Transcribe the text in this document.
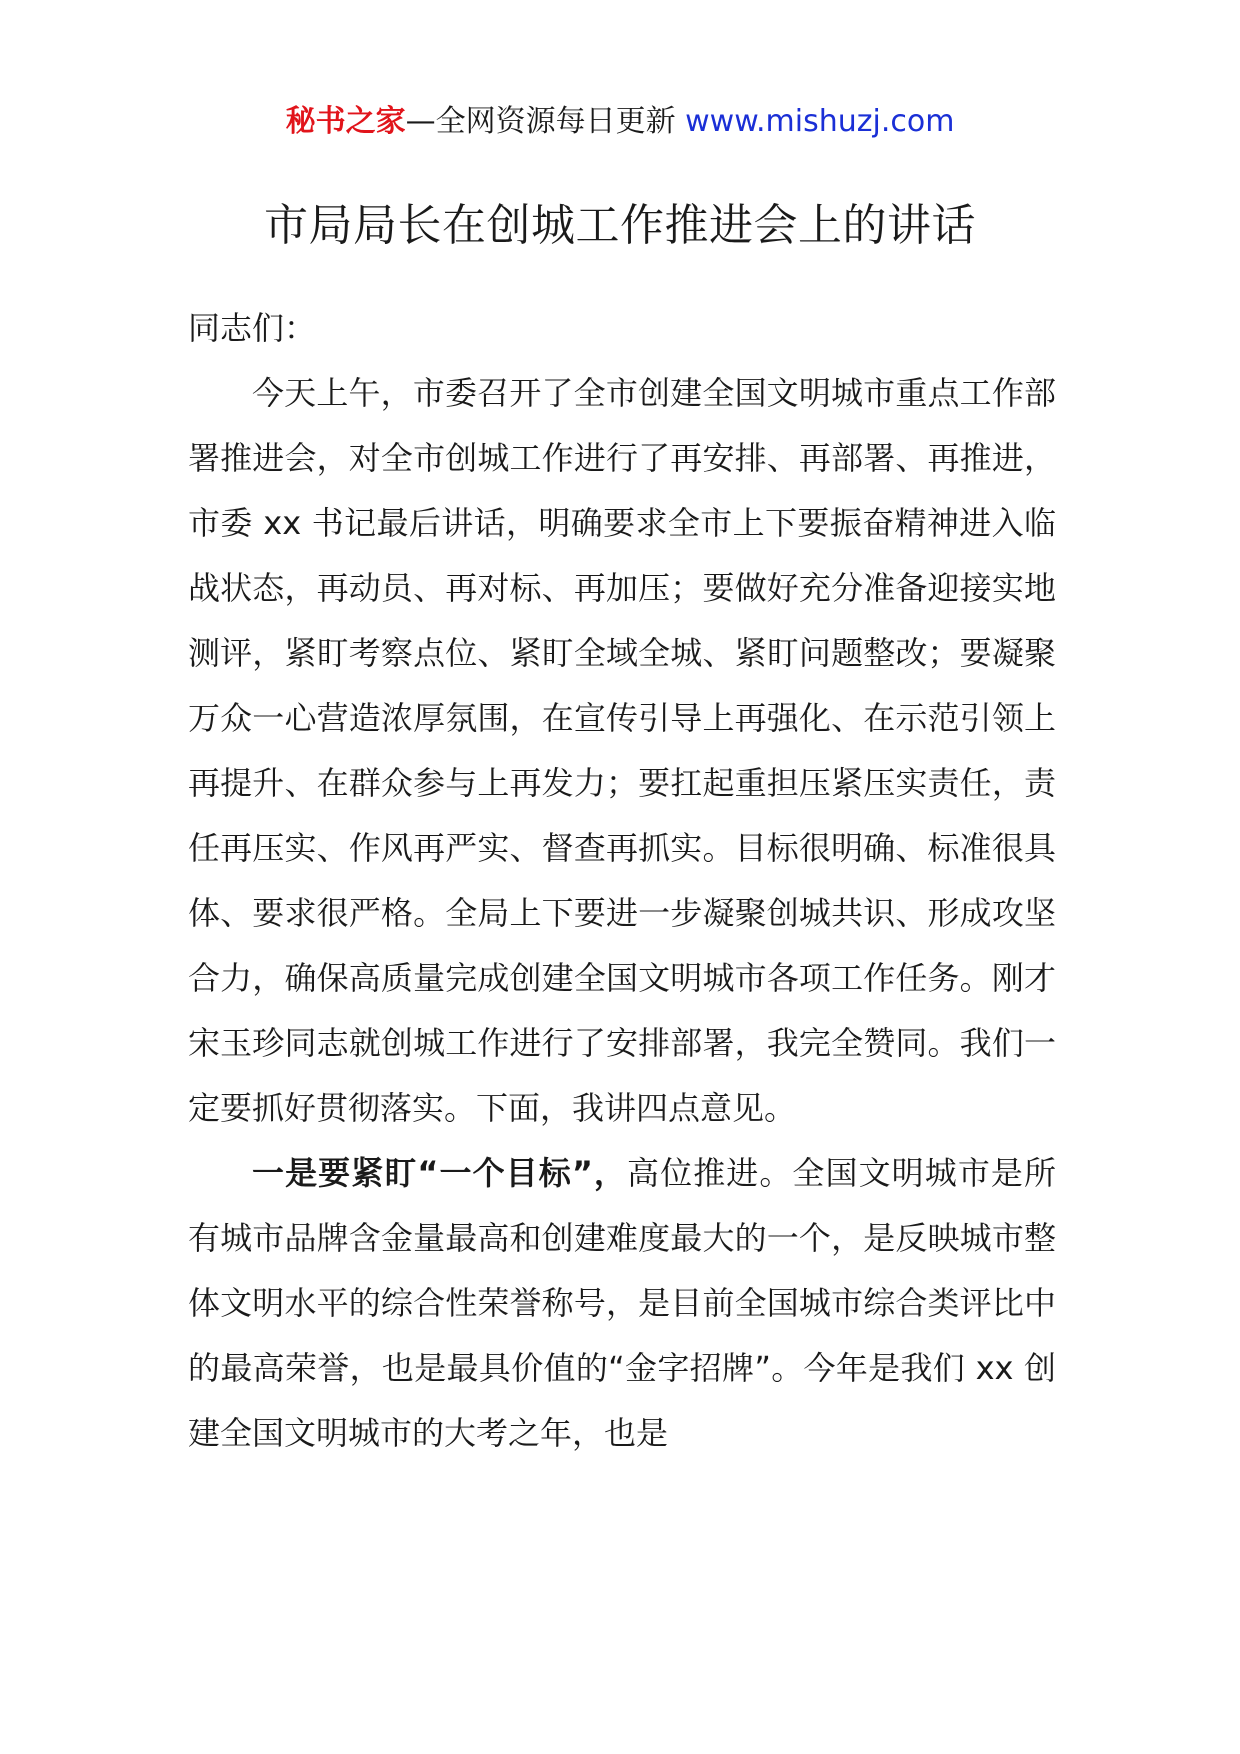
秘书之家—全网资源每日更新 www.mishuzj.com
市局局长在创城工作推进会上的讲话

同志们：

今天上午，市委召开了全市创建全国文明城市重点工作部署推进会，对全市创城工作进行了再安排、再部署、再推进，市委 xx 书记最后讲话，明确要求全市上下要振奋精神进入临战状态，再动员、再对标、再加压；要做好充分准备迎接实地测评，紧盯考察点位、紧盯全域全城、紧盯问题整改；要凝聚万众一心营造浓厚氛围，在宣传引导上再强化、在示范引领上再提升、在群众参与上再发力；要扛起重担压紧压实责任，责任再压实、作风再严实、督查再抓实。目标很明确、标准很具体、要求很严格。全局上下要进一步凝聚创城共识、形成攻坚合力，确保高质量完成创建全国文明城市各项工作任务。刚才宋玉珍同志就创城工作进行了安排部署，我完全赞同。我们一定要抓好贯彻落实。下面，我讲四点意见。

一是要紧盯“一个目标”，高位推进。全国文明城市是所有城市品牌含金量最高和创建难度最大的一个，是反映城市整体文明水平的综合性荣誉称号，是目前全国城市综合类评比中的最高荣誉，也是最具价值的“金字招牌”。今年是我们 xx 创建全国文明城市的大考之年，也是
